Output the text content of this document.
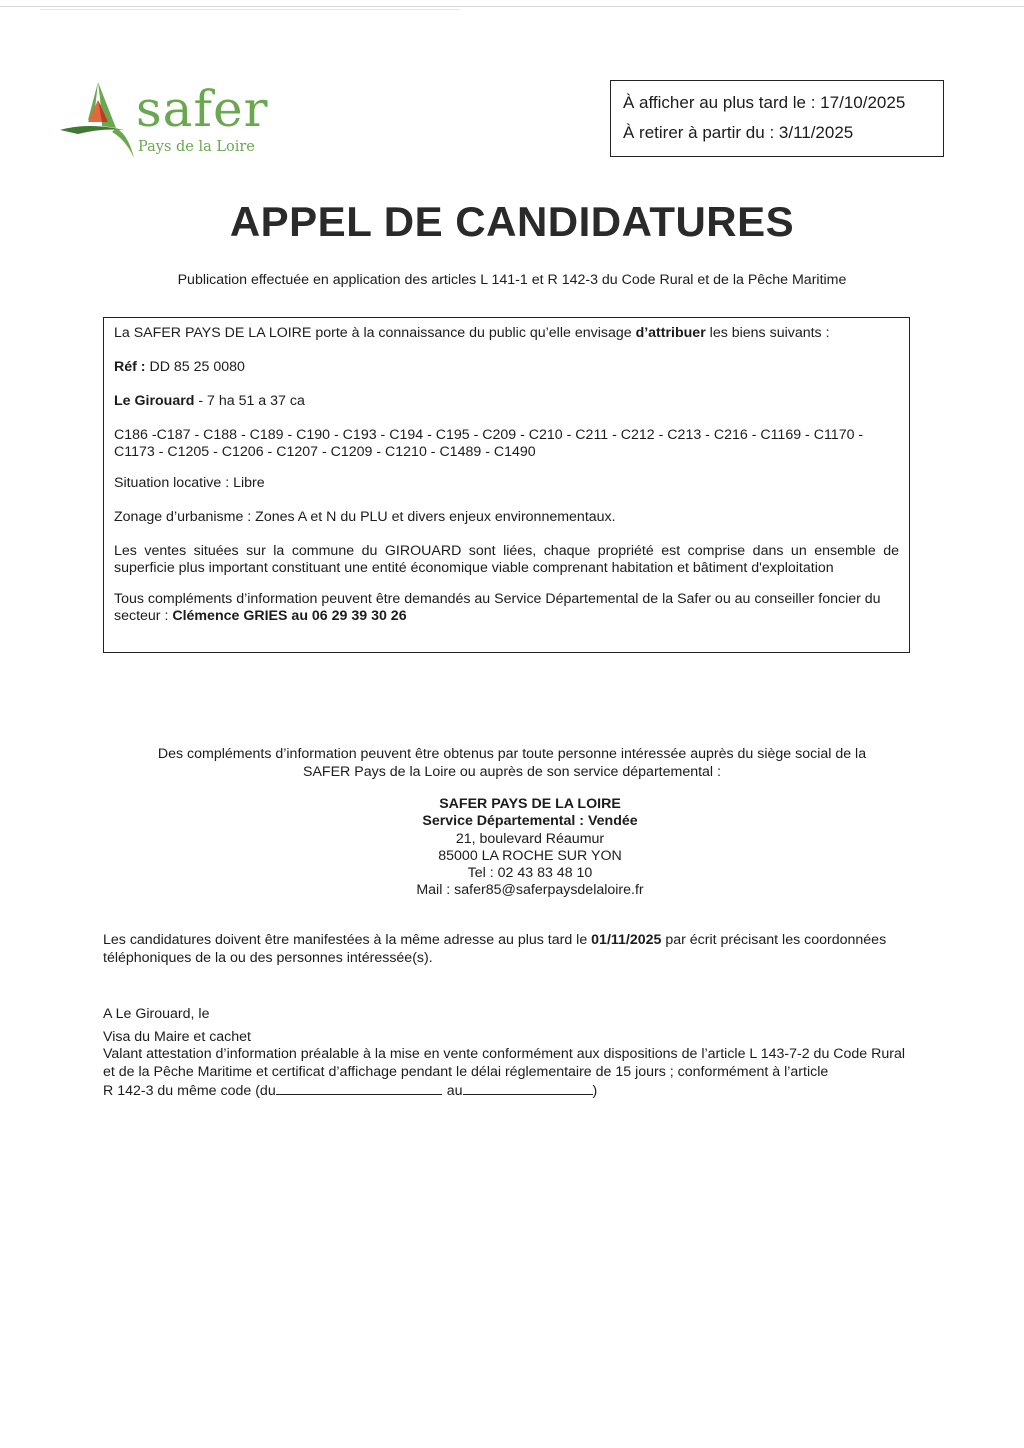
safer
Pays de la Loire
À afficher au plus tard le : 17/10/2025
À retirer à partir du : 3/11/2025
APPEL DE CANDIDATURES
Publication effectuée en application des articles L 141-1 et R 142-3 du Code Rural et de la Pêche Maritime

La SAFER PAYS DE LA LOIRE porte à la connaissance du public qu’elle envisage d’attribuer les biens suivants :

Réf : DD 85 25 0080

Le Girouard - 7 ha 51 a 37 ca

C186 -C187 - C188 - C189 - C190 - C193 - C194 - C195 - C209 - C210 - C211 - C212 - C213 - C216 - C1169 - C1170 -
C1173 - C1205 - C1206 - C1207 - C1209 - C1210 - C1489 - C1490

Situation locative : Libre

Zonage d’urbanisme : Zones A et N du PLU et divers enjeux environnementaux.

Les ventes situées sur la commune du GIROUARD sont liées, chaque propriété est comprise dans un ensemble de superficie plus important constituant une entité économique viable comprenant habitation et bâtiment d'exploitation

Tous compléments d’information peuvent être demandés au Service Départemental de la Safer ou au conseiller foncier du secteur : Clémence GRIES au 06 29 39 30 26

Des compléments d’information peuvent être obtenus par toute personne intéressée auprès du siège social de la
SAFER Pays de la Loire ou auprès de son service départemental :
SAFER PAYS DE LA LOIRE
Service Départemental : Vendée
21, boulevard Réaumur
85000 LA ROCHE SUR YON
Tel : 02 43 83 48 10
Mail : safer85@saferpaysdelaloire.fr
Les candidatures doivent être manifestées à la même adresse au plus tard le 01/11/2025 par écrit précisant les coordonnées téléphoniques de la ou des personnes intéressée(s).
A Le Girouard, le
Visa du Maire et cachet
Valant attestation d’information préalable à la mise en vente conformément aux dispositions de l’article L 143-7-2 du Code Rural et de la Pêche Maritime et certificat d’affichage pendant le délai réglementaire de 15 jours ; conformément à l’article
R 142-3 du même code (du	au	)
